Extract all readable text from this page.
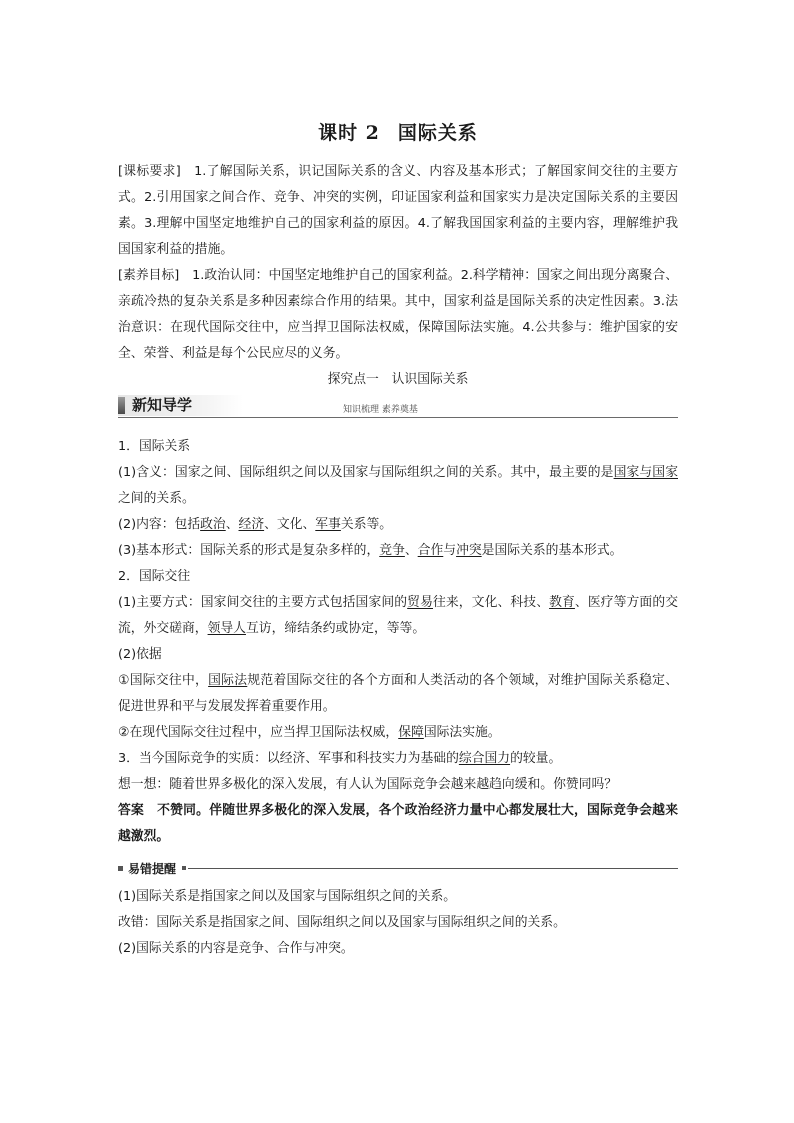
课时 2 国际关系

[课标要求]　 1.了解国际关系，识记国际关系的含义、内容及基本形式；了解国家间交往的主要方式。2.引用国家之间合作、竞争、冲突的实例，印证国家利益和国家实力是决定国际关系的主要因素。3.理解中国坚定地维护自己的国家利益的原因。4.了解我国国家利益的主要内容，理解维护我国国家利益的措施。

[素养目标]　 1.政治认同：中国坚定地维护自己的国家利益。2.科学精神：国家之间出现分离聚合、亲疏冷热的复杂关系是多种因素综合作用的结果。其中，国家利益是国际关系的决定性因素。3.法治意识：在现代国际交往中，应当捍卫国际法权威，保障国际法实施。4.公共参与：维护国家的安全、荣誉、利益是每个公民应尽的义务。

探究点一　认识国际关系

新知导学	知识梳理 素养奠基

1．国际关系

(1)含义：国家之间、国际组织之间以及国家与国际组织之间的关系。其中，最主要的是国家与国家之间的关系。

(2)内容：包括政治、经济、文化、军事关系等。

(3)基本形式：国际关系的形式是复杂多样的，竞争、合作与冲突是国际关系的基本形式。

2．国际交往

(1)主要方式：国家间交往的主要方式包括国家间的贸易往来，文化、科技、教育、医疗等方面的交流，外交磋商，领导人互访，缔结条约或协定，等等。

(2)依据

①国际交往中，国际法规范着国际交往的各个方面和人类活动的各个领域，对维护国际关系稳定、促进世界和平与发展发挥着重要作用。

②在现代国际交往过程中，应当捍卫国际法权威，保障国际法实施。

3．当今国际竞争的实质：以经济、军事和科技实力为基础的综合国力的较量。

想一想：随着世界多极化的深入发展，有人认为国际竞争会越来越趋向缓和。你赞同吗？

答案　 不赞同。伴随世界多极化的深入发展，各个政治经济力量中心都发展壮大，国际竞争会越来越激烈。

易错提醒

(1)国际关系是指国家之间以及国家与国际组织之间的关系。

改错：国际关系是指国家之间、国际组织之间以及国家与国际组织之间的关系。

(2)国际关系的内容是竞争、合作与冲突。
